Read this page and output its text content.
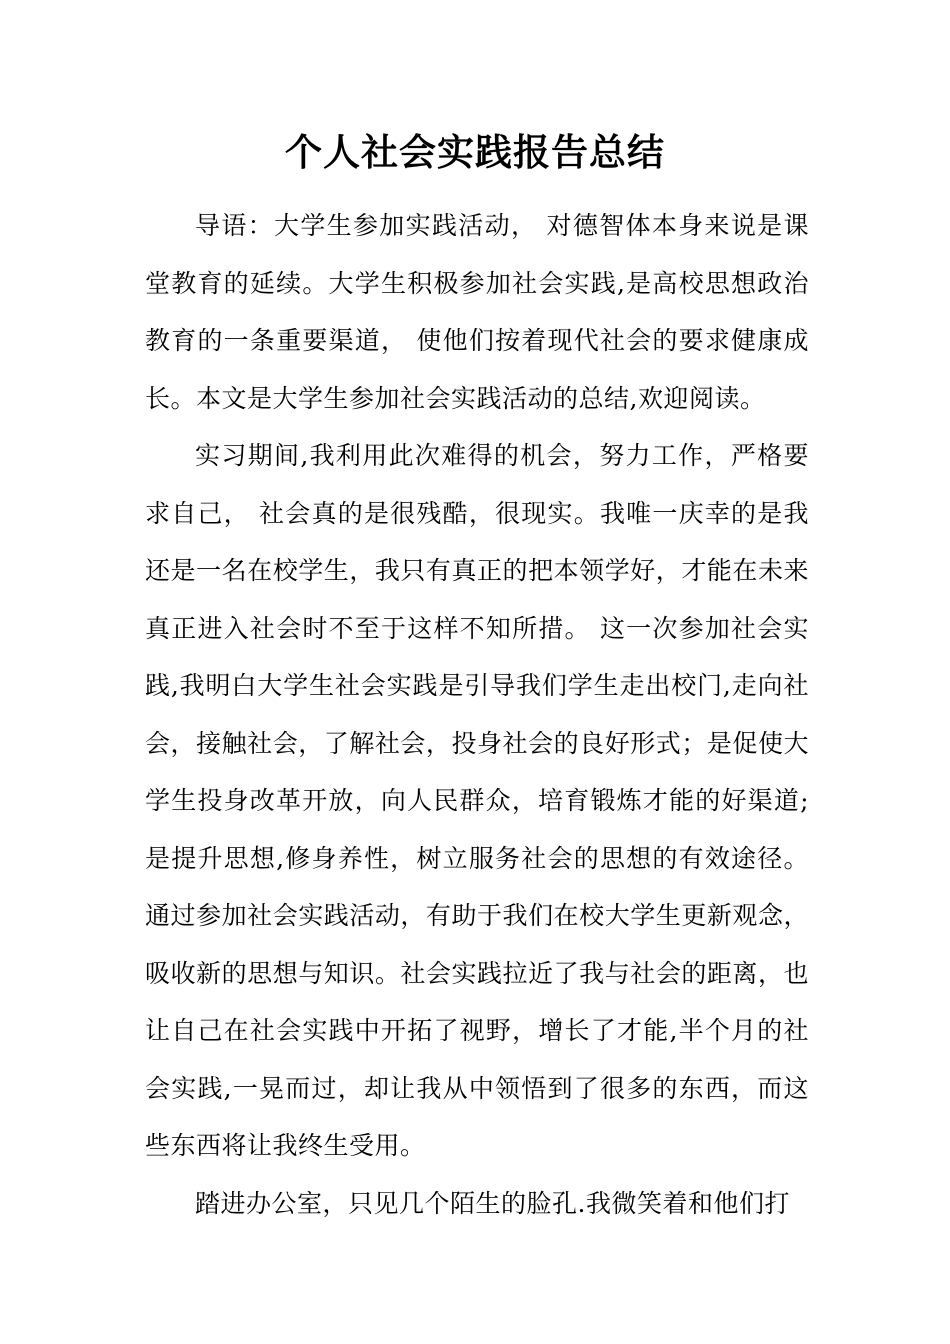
个人社会实践报告总结

导语：大学生参加实践活动， 对德智体本身来说是课堂教育的延续。大学生积极参加社会实践,是高校思想政治教育的一条重要渠道， 使他们按着现代社会的要求健康成长。本文是大学生参加社会实践活动的总结,欢迎阅读。

实习期间,我利用此次难得的机会，努力工作，严格要求自己， 社会真的是很残酷，很现实。我唯一庆幸的是我还是一名在校学生，我只有真正的把本领学好，才能在未来真正进入社会时不至于这样不知所措。 这一次参加社会实践,我明白大学生社会实践是引导我们学生走出校门,走向社会，接触社会，了解社会，投身社会的良好形式；是促使大学生投身改革开放，向人民群众，培育锻炼才能的好渠道;是提升思想,修身养性，树立服务社会的思想的有效途径。通过参加社会实践活动，有助于我们在校大学生更新观念，吸收新的思想与知识。社会实践拉近了我与社会的距离，也让自己在社会实践中开拓了视野，增长了才能,半个月的社会实践,一晃而过，却让我从中领悟到了很多的东西，而这些东西将让我终生受用。

踏进办公室，只见几个陌生的脸孔.我微笑着和他们打
